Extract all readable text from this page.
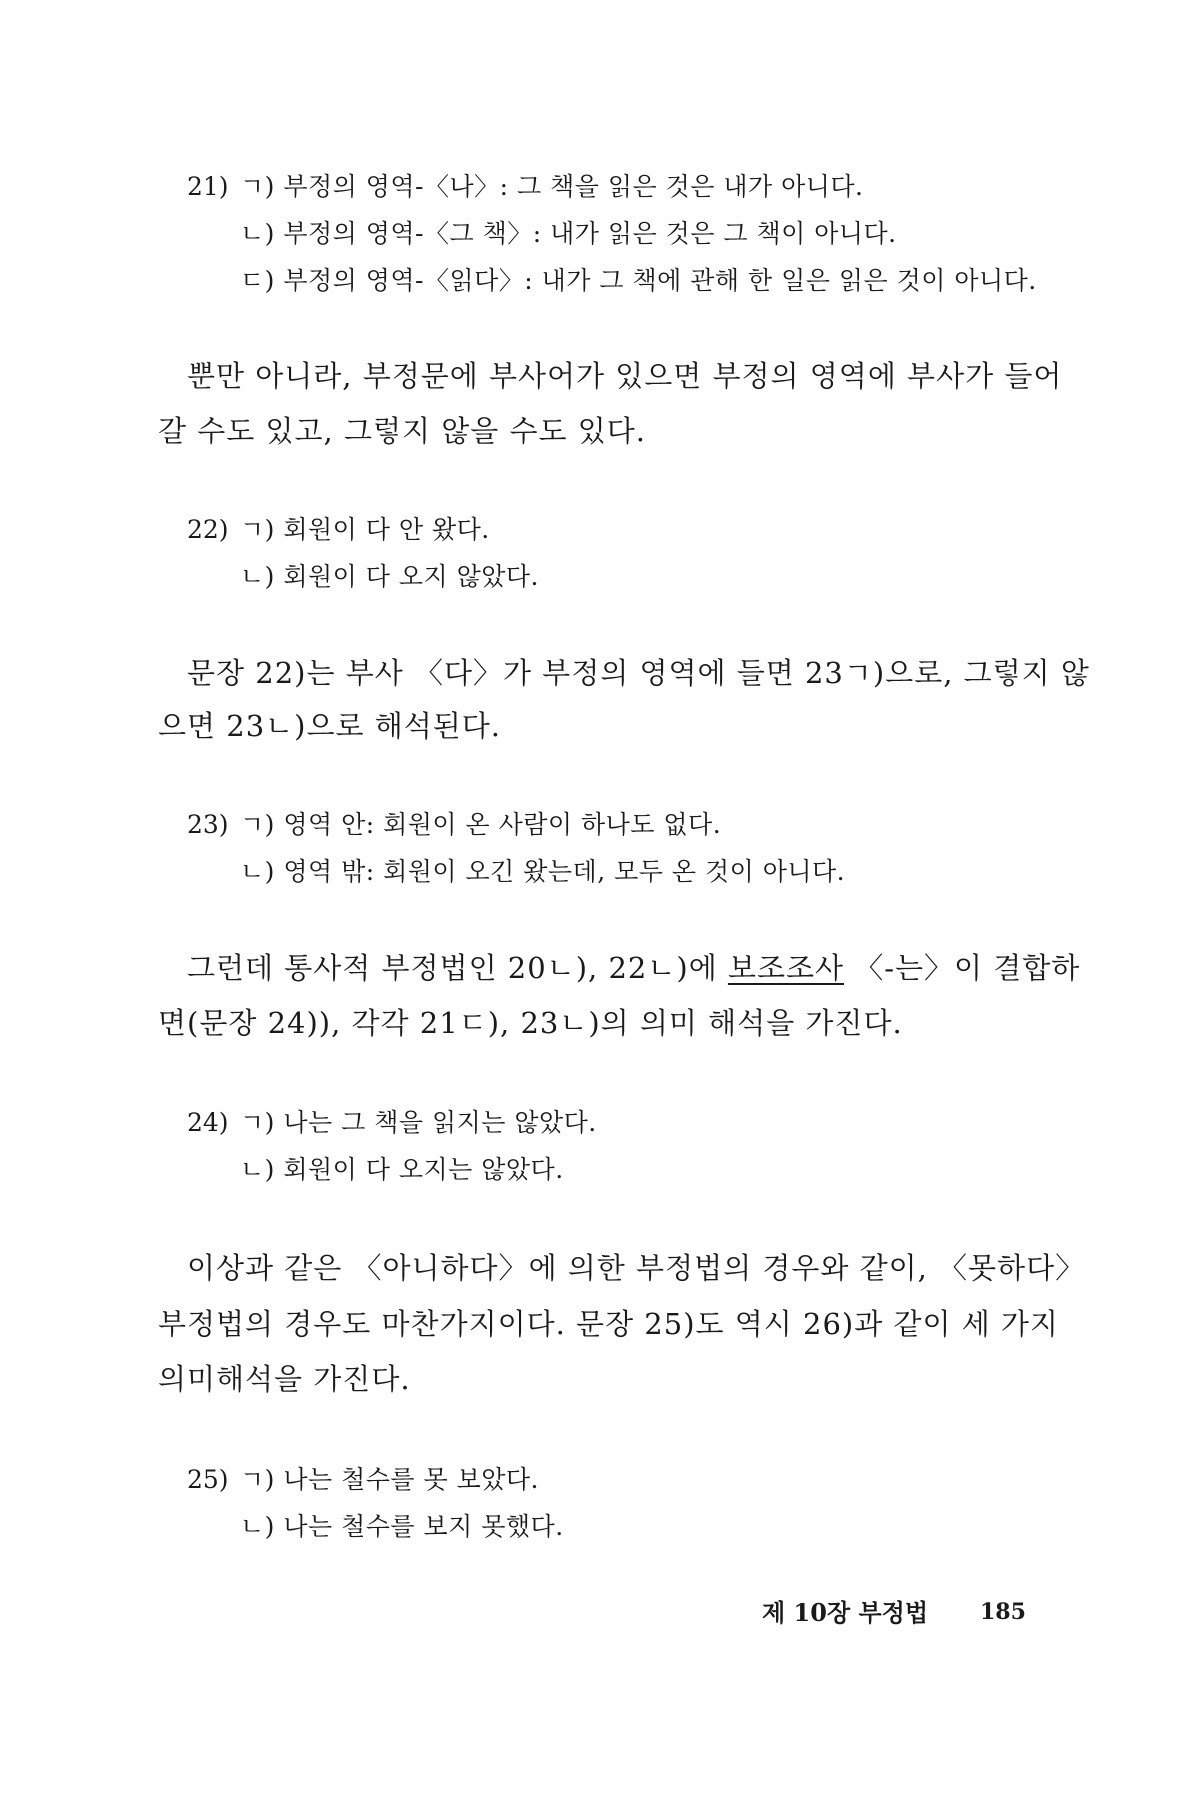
21) ㄱ) 부정의 영역-〈나〉: 그 책을 읽은 것은 내가 아니다.
ㄴ) 부정의 영역-〈그 책〉: 내가 읽은 것은 그 책이 아니다.
ㄷ) 부정의 영역-〈읽다〉: 내가 그 책에 관해 한 일은 읽은 것이 아니다.
뿐만 아니라, 부정문에 부사어가 있으면 부정의 영역에 부사가 들어
갈 수도 있고, 그렇지 않을 수도 있다.
22) ㄱ) 회원이 다 안 왔다.
ㄴ) 회원이 다 오지 않았다.
문장 22)는 부사 〈다〉가 부정의 영역에 들면 23ㄱ)으로, 그렇지 않
으면 23ㄴ)으로 해석된다.
23) ㄱ) 영역 안: 회원이 온 사람이 하나도 없다.
ㄴ) 영역 밖: 회원이 오긴 왔는데, 모두 온 것이 아니다.
그런데 통사적 부정법인 20ㄴ), 22ㄴ)에 보조조사 〈-는〉이 결합하
면(문장 24)), 각각 21ㄷ), 23ㄴ)의 의미 해석을 가진다.
24) ㄱ) 나는 그 책을 읽지는 않았다.
ㄴ) 회원이 다 오지는 않았다.
이상과 같은 〈아니하다〉에 의한 부정법의 경우와 같이, 〈못하다〉
부정법의 경우도 마찬가지이다. 문장 25)도 역시 26)과 같이 세 가지
의미해석을 가진다.
25) ㄱ) 나는 철수를 못 보았다.
ㄴ) 나는 철수를 보지 못했다.
제 10장 부정법 185
